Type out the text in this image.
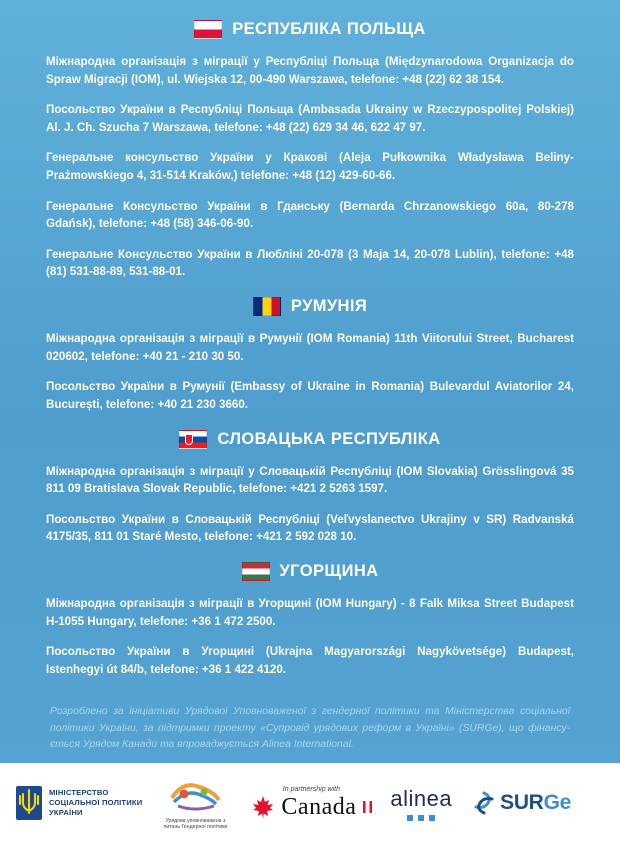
РЕСПУБЛІКА ПОЛЬЩА

Міжнародна організація з міграції у Республіці Польща (Międzynarodowa Organizacja do Spraw Migracji (IOM), ul. Wiejska 12, 00-490 Warszawa, telefone: +48 (22) 62 38 154.

Посольство України в Республіці Польща (Ambasada Ukrainy w Rzeczypospolitej Polskiej) Al. J. Ch. Szucha 7 Warszawa, telefone: +48 (22) 629 34 46, 622 47 97.

Генеральне консульство України у Кракові (Aleja Pułkownika Władysława Beliny-Prażmowskiego 4, 31-514 Kraków,) telefone: +48 (12) 429-60-66.

Генеральне Консульство України в Гданську (Bernarda Chrzanowskiego 60a, 80-278 Gdańsk), telefone: +48 (58) 346-06-90.

Генеральне Консульство України в Любліні 20-078 (3 Maja 14, 20-078 Lublin), telefone: +48 (81) 531-88-89, 531-88-01.

РУМУНІЯ

Міжнародна організація з міграції в Румунії (IOM Romania) 11th Viitorului Street, Bucharest 020602, telefone: +40 21 - 210 30 50.

Посольство України в Румунії (Embassy of Ukraine in Romania) Bulevardul Aviatorilor 24, București, telefone: +40 21 230 3660.

СЛОВАЦЬКА РЕСПУБЛІКА

Міжнародна організація з міграції у Словацькій Республіці (IOM Slovakia) Grösslingová 35 811 09 Bratislava Slovak Republic, telefone: +421 2 5263 1597.

Посольство України в Словацькій Республіці (Veľvyslanectvo Ukrajiny v SR) Radvanská 4175/35, 811 01 Staré Mesto, telefone: +421 2 592 028 10.

УГОРЩИНА

Міжнародна організація з міграції в Угорщині (IOM Hungary) - 8 Falk Miksa Street Budapest H-1055 Hungary, telefone: +36 1 472 2500.

Посольство України в Угорщині (Ukrajna Magyarországi Nagykövetsége) Budapest, Istenhegyi út 84/b, telefone: +36 1 422 4120.

Розроблено за ініціативи Урядової Уповноваженої з гендерної політики та Міністерства соціальної політики України, за підтримки проекту «Супровід урядових реформ в Україні» (SURGe), що фінансу-ється Урядом Канади та впроваджується Alinea International.
МІНІСТЕРСТВО
СОЦІАЛЬНОЇ ПОЛІТИКИ
УКРАЇНИ
Урядова уповноважена з
питань Гендерної політики
In partnership with
Canada alinea SURGe
